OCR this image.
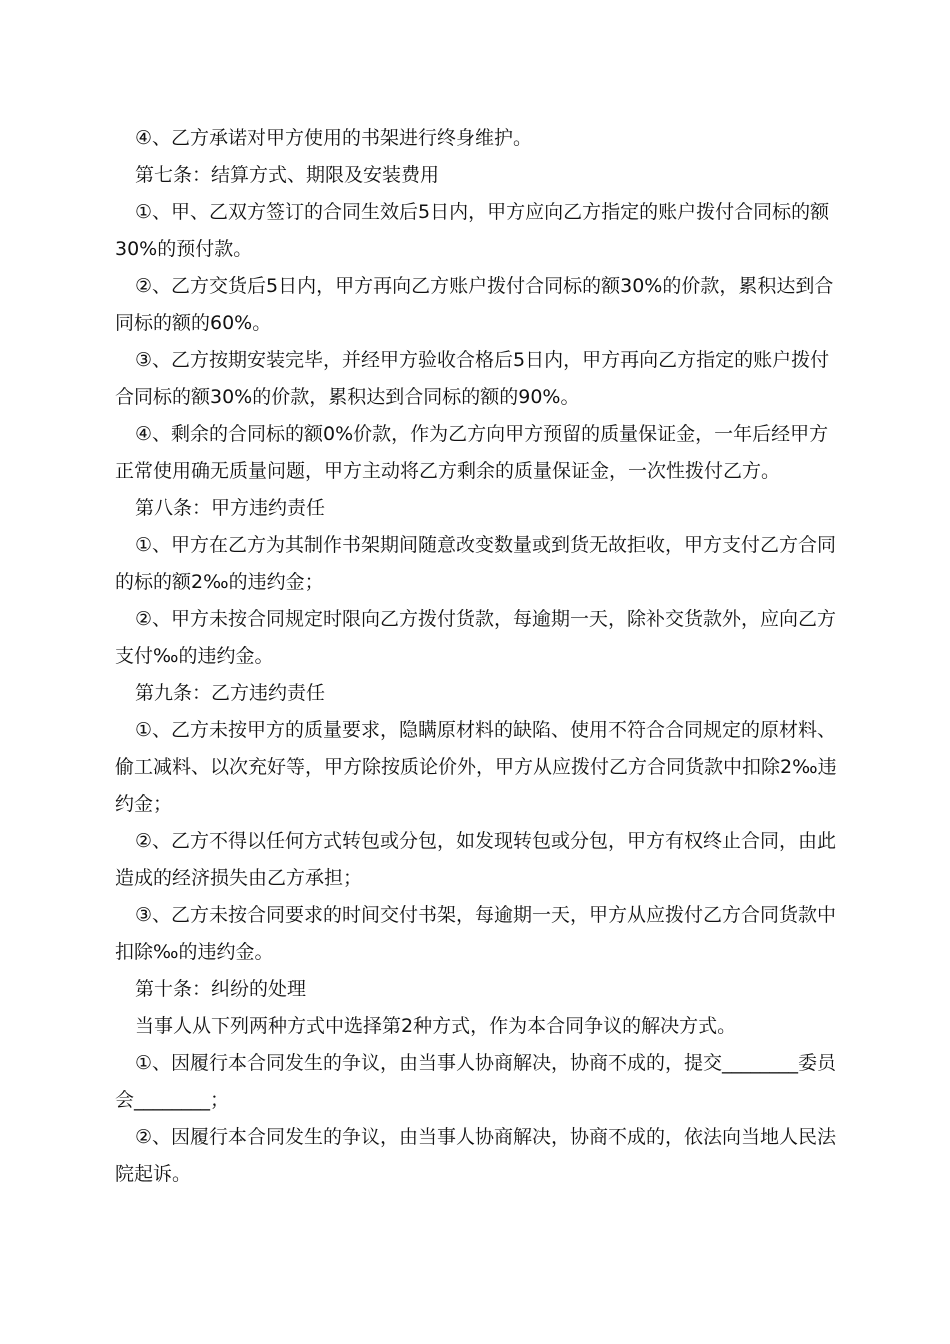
④、乙方承诺对甲方使用的书架进行终身维护。

第七条：结算方式、期限及安装费用

①、甲、乙双方签订的合同生效后5日内，甲方应向乙方指定的账户拨付合同标的额30%的预付款。

②、乙方交货后5日内，甲方再向乙方账户拨付合同标的额30%的价款，累积达到合同标的额的60%。

③、乙方按期安装完毕，并经甲方验收合格后5日内，甲方再向乙方指定的账户拨付合同标的额30%的价款，累积达到合同标的额的90%。

④、剩余的合同标的额0%价款，作为乙方向甲方预留的质量保证金，一年后经甲方正常使用确无质量问题，甲方主动将乙方剩余的质量保证金，一次性拨付乙方。

第八条：甲方违约责任

①、甲方在乙方为其制作书架期间随意改变数量或到货无故拒收，甲方支付乙方合同的标的额2‰的违约金；

②、甲方未按合同规定时限向乙方拨付货款，每逾期一天，除补交货款外，应向乙方支付‰的违约金。

第九条：乙方违约责任

①、乙方未按甲方的质量要求，隐瞒原材料的缺陷、使用不符合合同规定的原材料、偷工减料、以次充好等，甲方除按质论价外，甲方从应拨付乙方合同货款中扣除2‰违约金；

②、乙方不得以任何方式转包或分包，如发现转包或分包，甲方有权终止合同，由此造成的经济损失由乙方承担；

③、乙方未按合同要求的时间交付书架，每逾期一天，甲方从应拨付乙方合同货款中扣除‰的违约金。

第十条：纠纷的处理

当事人从下列两种方式中选择第2种方式，作为本合同争议的解决方式。

①、因履行本合同发生的争议，由当事人协商解决，协商不成的，提交________委员会________；

②、因履行本合同发生的争议，由当事人协商解决，协商不成的，依法向当地人民法院起诉。
